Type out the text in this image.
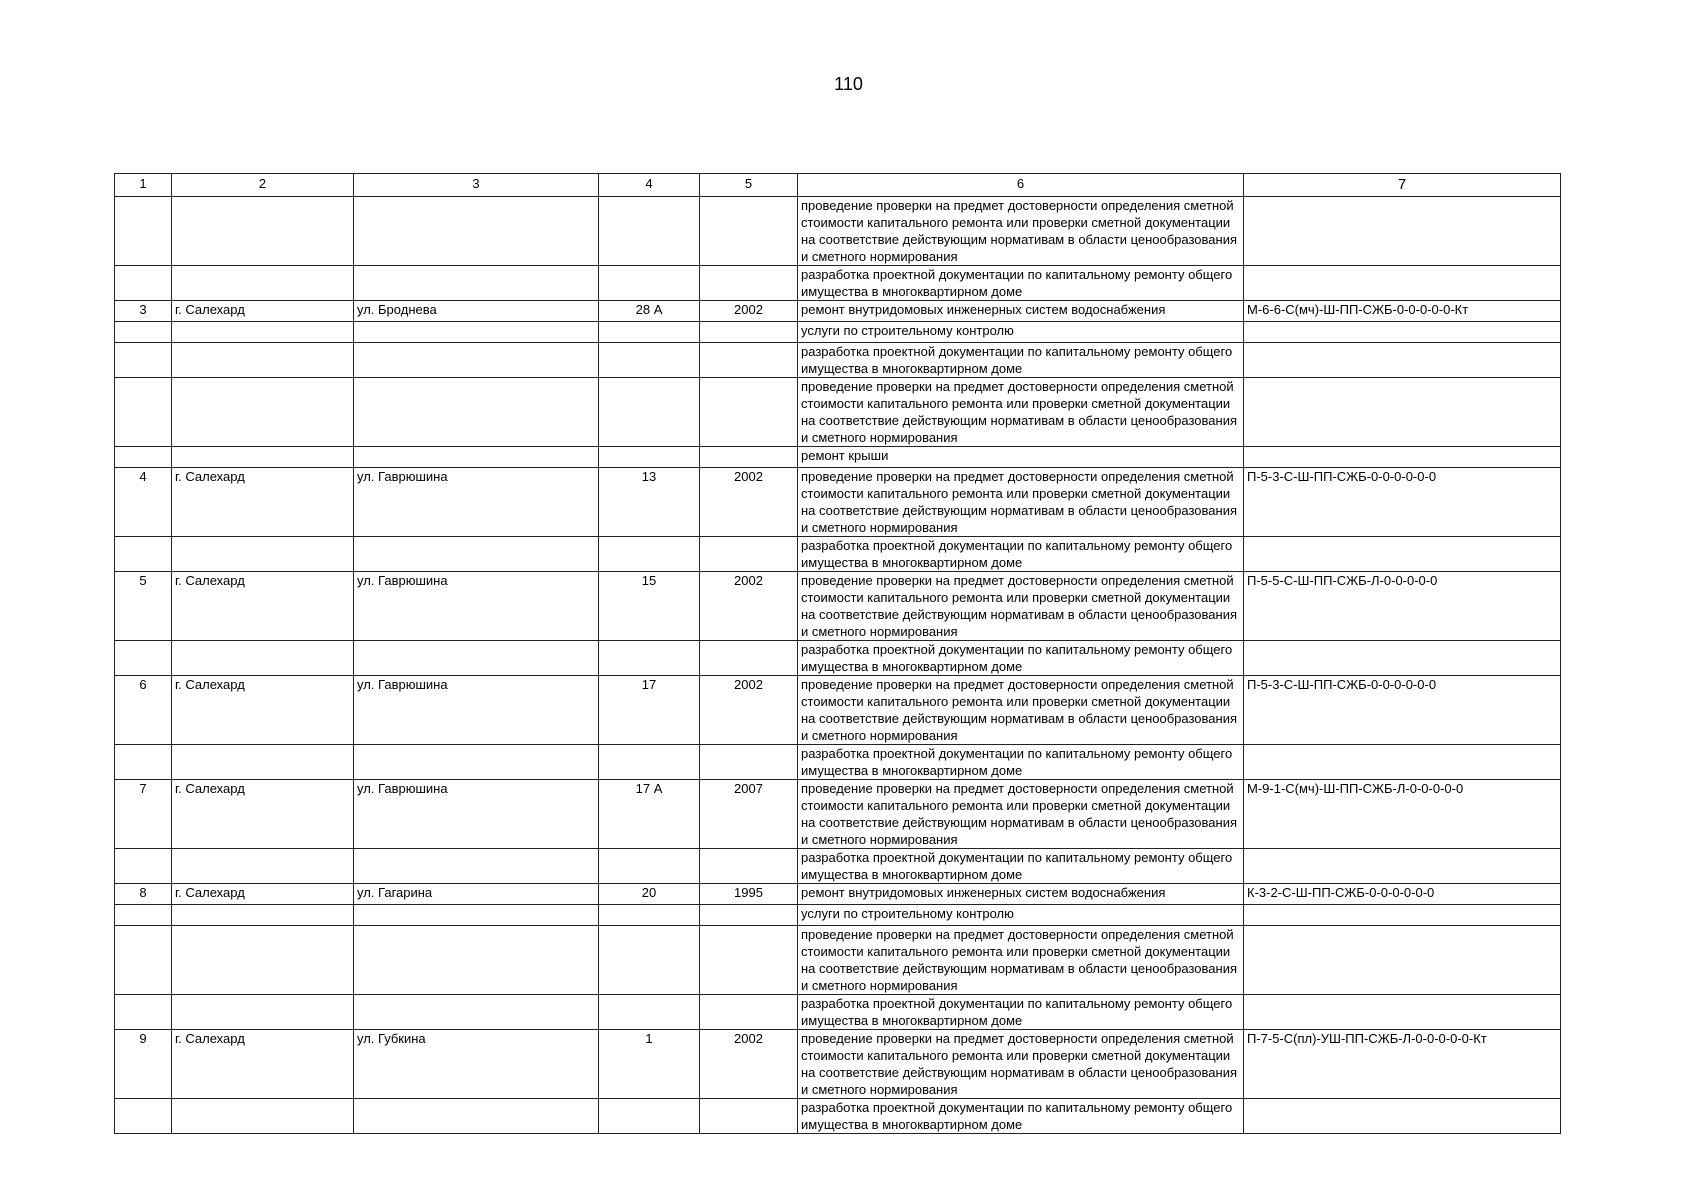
110
1	2	3	4	5	6	7
					проведение проверки на предмет достоверности определения сметной стоимости капитального ремонта или проверки сметной документации на соответствие действующим нормативам в области ценообразования и сметного нормирования	
					разработка проектной документации по капитальному ремонту общего имущества в многоквартирном доме	
3	г. Салехард	ул. Броднева	28 А	2002	ремонт внутридомовых инженерных систем водоснабжения	М-6-6-С(мч)-Ш-ПП-СЖБ-0-0-0-0-0-Кт
					услуги по строительному контролю	
					разработка проектной документации по капитальному ремонту общего имущества в многоквартирном доме	
					проведение проверки на предмет достоверности определения сметной стоимости капитального ремонта или проверки сметной документации на соответствие действующим нормативам в области ценообразования и сметного нормирования	
					ремонт крыши	
4	г. Салехард	ул. Гаврюшина	13	2002	проведение проверки на предмет достоверности определения сметной стоимости капитального ремонта или проверки сметной документации на соответствие действующим нормативам в области ценообразования и сметного нормирования	П-5-3-С-Ш-ПП-СЖБ-0-0-0-0-0-0
					разработка проектной документации по капитальному ремонту общего имущества в многоквартирном доме	
5	г. Салехард	ул. Гаврюшина	15	2002	проведение проверки на предмет достоверности определения сметной стоимости капитального ремонта или проверки сметной документации на соответствие действующим нормативам в области ценообразования и сметного нормирования	П-5-5-С-Ш-ПП-СЖБ-Л-0-0-0-0-0
					разработка проектной документации по капитальному ремонту общего имущества в многоквартирном доме	
6	г. Салехард	ул. Гаврюшина	17	2002	проведение проверки на предмет достоверности определения сметной стоимости капитального ремонта или проверки сметной документации на соответствие действующим нормативам в области ценообразования и сметного нормирования	П-5-3-С-Ш-ПП-СЖБ-0-0-0-0-0-0
					разработка проектной документации по капитальному ремонту общего имущества в многоквартирном доме	
7	г. Салехард	ул. Гаврюшина	17 А	2007	проведение проверки на предмет достоверности определения сметной стоимости капитального ремонта или проверки сметной документации на соответствие действующим нормативам в области ценообразования и сметного нормирования	М-9-1-С(мч)-Ш-ПП-СЖБ-Л-0-0-0-0-0
					разработка проектной документации по капитальному ремонту общего имущества в многоквартирном доме	
8	г. Салехард	ул. Гагарина	20	1995	ремонт внутридомовых инженерных систем водоснабжения	К-3-2-С-Ш-ПП-СЖБ-0-0-0-0-0-0
					услуги по строительному контролю	
					проведение проверки на предмет достоверности определения сметной стоимости капитального ремонта или проверки сметной документации на соответствие действующим нормативам в области ценообразования и сметного нормирования	
					разработка проектной документации по капитальному ремонту общего имущества в многоквартирном доме	
9	г. Салехард	ул. Губкина	1	2002	проведение проверки на предмет достоверности определения сметной стоимости капитального ремонта или проверки сметной документации на соответствие действующим нормативам в области ценообразования и сметного нормирования	П-7-5-С(пл)-УШ-ПП-СЖБ-Л-0-0-0-0-0-Кт
					разработка проектной документации по капитальному ремонту общего имущества в многоквартирном доме	
